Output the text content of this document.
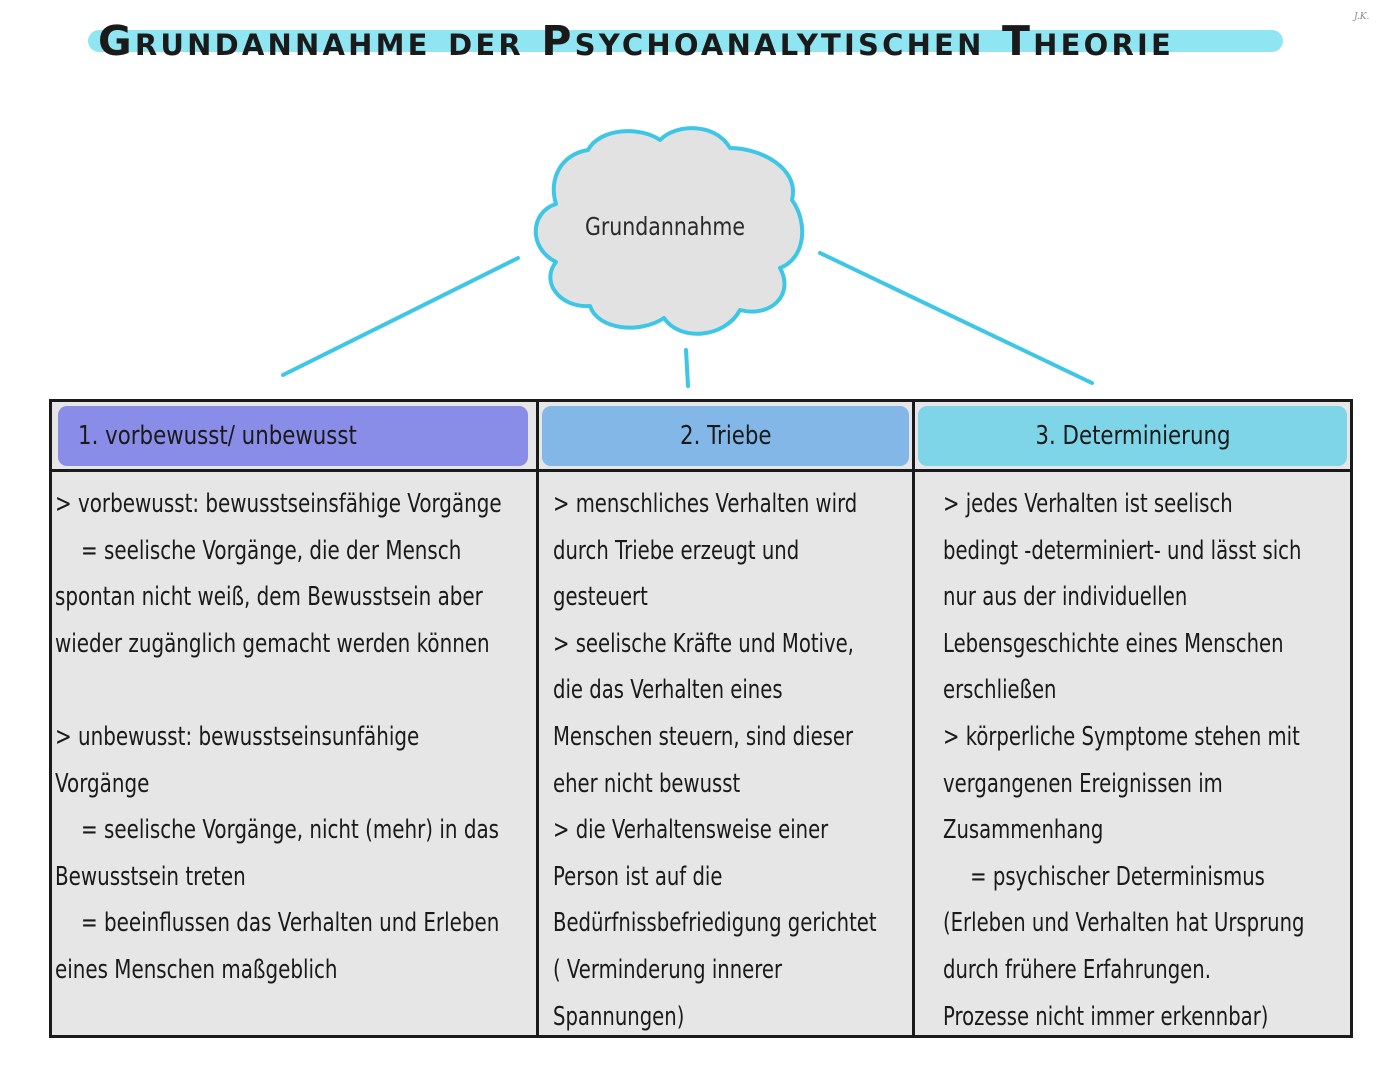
Grundannahme der Psychoanalytischen Theorie	J.K.
Grundannahme
1. vorbewusst/ unbewusst
> vorbewusst: bewusstseinsfähige Vorgänge
= seelische Vorgänge, die der Mensch
spontan nicht weiß, dem Bewusstsein aber
wieder zugänglich gemacht werden können
> unbewusst: bewusstseinsunfähige
Vorgänge
= seelische Vorgänge, nicht (mehr) in das
Bewusstsein treten
= beeinflussen das Verhalten und Erleben
eines Menschen maßgeblich
2. Triebe
> menschliches Verhalten wird
durch Triebe erzeugt und
gesteuert
> seelische Kräfte und Motive,
die das Verhalten eines
Menschen steuern, sind dieser
eher nicht bewusst
> die Verhaltensweise einer
Person ist auf die
Bedürfnissbefriedigung gerichtet
( Verminderung innerer
Spannungen)
3. Determinierung
> jedes Verhalten ist seelisch
bedingt -determiniert- und lässt sich
nur aus der individuellen
Lebensgeschichte eines Menschen
erschließen
> körperliche Symptome stehen mit
vergangenen Ereignissen im
Zusammenhang
= psychischer Determinismus
(Erleben und Verhalten hat Ursprung
durch frühere Erfahrungen.
Prozesse nicht immer erkennbar)
